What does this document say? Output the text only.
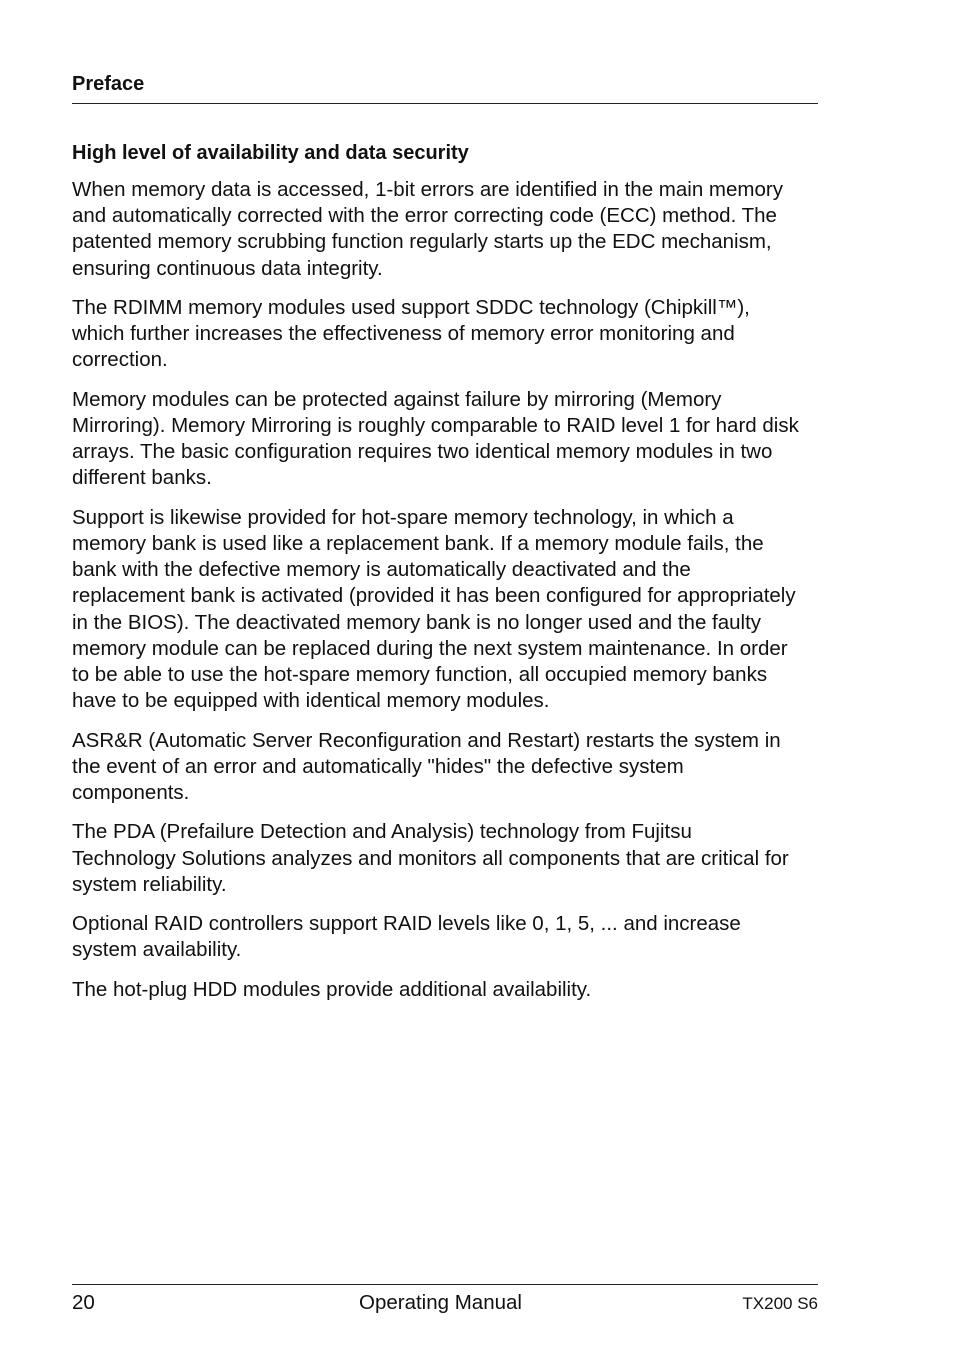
Preface
High level of availability and data security
When memory data is accessed, 1-bit errors are identified in the main memory
and automatically corrected with the error correcting code (ECC) method. The
patented memory scrubbing function regularly starts up the EDC mechanism,
ensuring continuous data integrity.
The RDIMM memory modules used support SDDC technology (Chipkill™),
which further increases the effectiveness of memory error monitoring and
correction.
Memory modules can be protected against failure by mirroring (Memory
Mirroring). Memory Mirroring is roughly comparable to RAID level 1 for hard disk
arrays. The basic configuration requires two identical memory modules in two
different banks.
Support is likewise provided for hot-spare memory technology, in which a
memory bank is used like a replacement bank. If a memory module fails, the
bank with the defective memory is automatically deactivated and the
replacement bank is activated (provided it has been configured for appropriately
in the BIOS). The deactivated memory bank is no longer used and the faulty
memory module can be replaced during the next system maintenance. In order
to be able to use the hot-spare memory function, all occupied memory banks
have to be equipped with identical memory modules.
ASR&R (Automatic Server Reconfiguration and Restart) restarts the system in
the event of an error and automatically "hides" the defective system
components.
The PDA (Prefailure Detection and Analysis) technology from Fujitsu
Technology Solutions analyzes and monitors all components that are critical for
system reliability.
Optional RAID controllers support RAID levels like 0, 1, 5, ... and increase
system availability.
The hot-plug HDD modules provide additional availability.
20	Operating Manual	TX200 S6
